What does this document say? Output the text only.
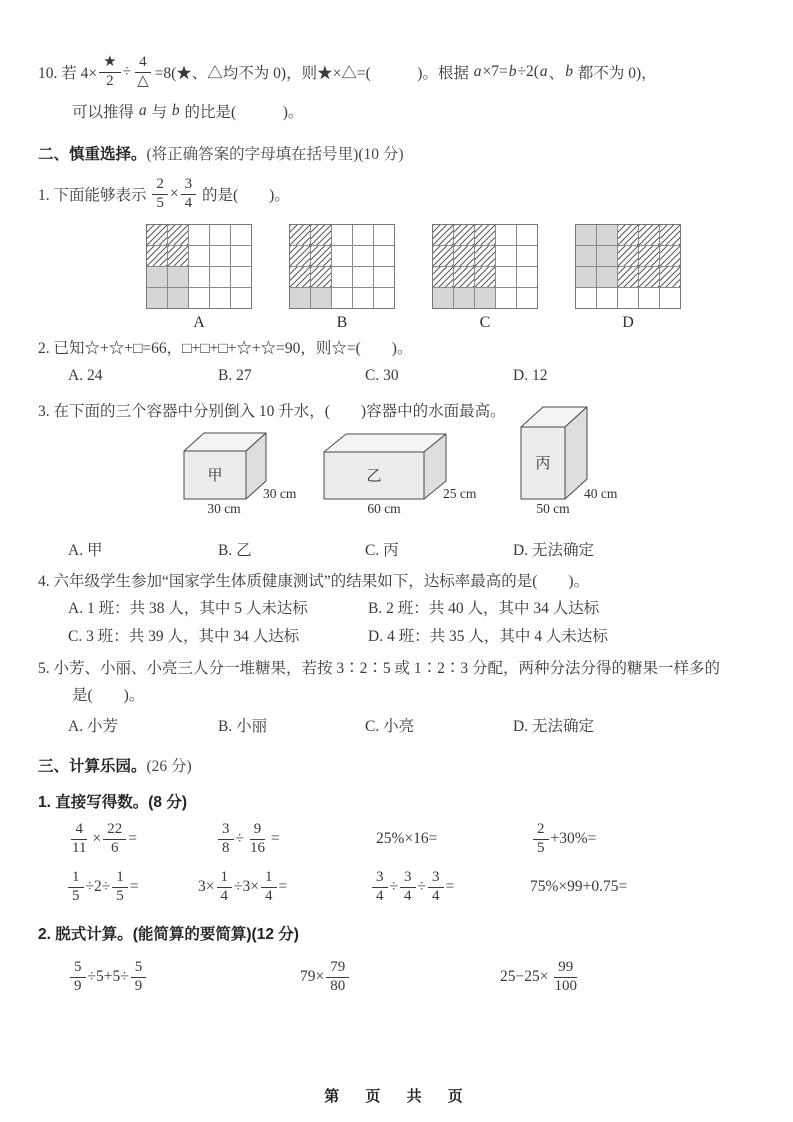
10. 若 $4\times \frac{★}{2} \div \frac{4}{\triangle}$ =8(★、△均不为 0)，则★×△=(　　　)。根据 a ×7= b ÷2( a 、 b 都不为 0)，
可以推得 a 与 b 的比是(　　　)。
二、慎重选择。(将正确答案的字母填在括号里)(10 分)
1. 下面能够表示 $\frac{2}{5} \times \frac{3}{4}$ 的是(　　)。
A	B	C	D
2. 已知☆+☆+□=66，□+□+□+☆+☆=90，则☆=(　　)。
A. 24	B. 27	C. 30	D. 12
3. 在下面的三个容器中分别倒入 10 升水，(　　)容器中的水面最高。
甲
30 cm
30 cm
乙
60 cm
25 cm
丙
50 cm
40 cm
A. 甲	B. 乙	C. 丙	D. 无法确定
4. 六年级学生参加“国家学生体质健康测试”的结果如下，达标率最高的是(　　)。
A. 1 班：共 38 人，其中 5 人未达标	B. 2 班：共 40 人，其中 34 人达标
C. 3 班：共 39 人，其中 34 人达标	D. 4 班：共 35 人，其中 4 人未达标
5. 小芳、小丽、小亮三人分一堆糖果，若按 3∶2∶5 或 1∶2∶3 分配，两种分法分得的糖果一样多的
是(　　)。
A. 小芳	B. 小丽	C. 小亮	D. 无法确定
三、计算乐园。(26 分)
1. 直接写得数。(8 分)
$\frac{4}{11} \times \frac{22}{6}$ =	$\frac{3}{8} \div \frac{9}{16}$ =	25%×16=	$\frac{2}{5} +30\%=$
$\frac{1}{5} \div 2\div \frac{1}{5}$ =	$3\times \frac{1}{4} \div 3\times \frac{1}{4}$ =	$\frac{3}{4} \div \frac{3}{4} \div \frac{3}{4}$ =	75%×99+0.75=
2. 脱式计算。(能简算的要简算)(12 分)
$\frac{5}{9} \div 5+5\div \frac{5}{9}$	$79\times \frac{79}{80}$	$25-25\times \frac{99}{100}$
第 页 共 页
